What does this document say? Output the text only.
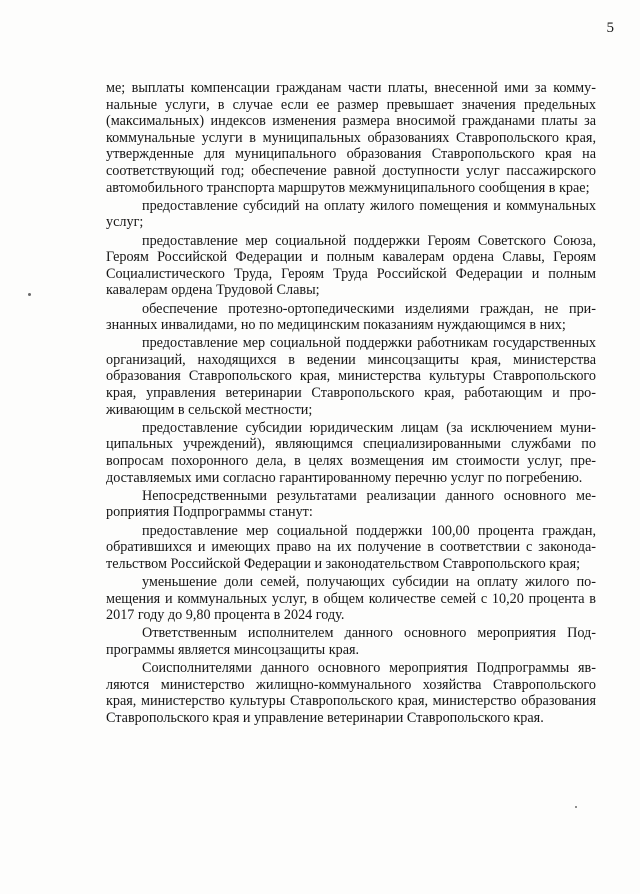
5

ме; выплаты компенсации гражданам части платы, внесенной ими за коммунальные услуги, в случае если ее размер превышает значения предельных (максимальных) индексов изменения размера вносимой гражданами платы за коммунальные услуги в муниципальных образованиях Ставропольского края, утвержденные для муниципального образования Ставропольского края на соответствующий год; обеспечение равной доступности услуг пассажирского автомобильного транспорта маршрутов межмуниципального сообщения в крае;

предоставление субсидий на оплату жилого помещения и коммунальных услуг;

предоставление мер социальной поддержки Героям Советского Союза, Героям Российской Федерации и полным кавалерам ордена Славы, Героям Социалистического Труда, Героям Труда Российской Федерации и полным кавалерам ордена Трудовой Славы;

обеспечение протезно-ортопедическими изделиями граждан, не признанных инвалидами, но по медицинским показаниям нуждающимся в них;

предоставление мер социальной поддержки работникам государственных организаций, находящихся в ведении минсоцзащиты края, министерства образования Ставропольского края, министерства культуры Ставропольского края, управления ветеринарии Ставропольского края, работающим и проживающим в сельской местности;

предоставление субсидии юридическим лицам (за исключением муниципальных учреждений), являющимся специализированными службами по вопросам похоронного дела, в целях возмещения им стоимости услуг, предоставляемых ими согласно гарантированному перечню услуг по погребению.

Непосредственными результатами реализации данного основного мероприятия Подпрограммы станут:

предоставление мер социальной поддержки 100,00 процента граждан, обратившихся и имеющих право на их получение в соответствии с законодательством Российской Федерации и законодательством Ставропольского края;

уменьшение доли семей, получающих субсидии на оплату жилого помещения и коммунальных услуг, в общем количестве семей с 10,20 процента в 2017 году до 9,80 процента в 2024 году.

Ответственным исполнителем данного основного мероприятия Подпрограммы является минсоцзащиты края.

Соисполнителями данного основного мероприятия Подпрограммы являются министерство жилищно-коммунального хозяйства Ставропольского края, министерство культуры Ставропольского края, министерство образования Ставропольского края и управление ветеринарии Ставропольского края.
